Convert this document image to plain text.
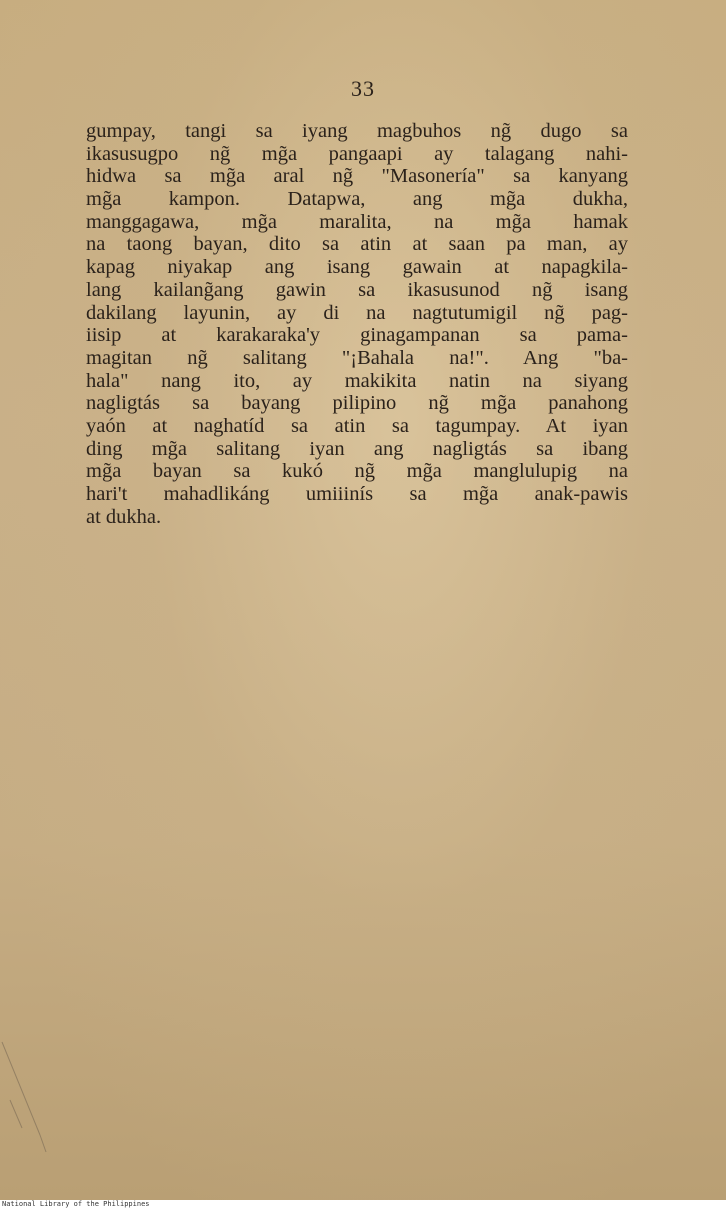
33
gumpay, tangi sa iyang magbuhos ng̃ dugo sa
ikasusugpo ng̃ mg̃a pangaapi ay talagang nahi-
hidwa sa mg̃a aral ng̃ "Masonería" sa kanyang
mg̃a kampon. Datapwa, ang mg̃a dukha,
manggagawa, mg̃a maralita, na mg̃a hamak
na taong bayan, dito sa atin at saan pa man, ay
kapag niyakap ang isang gawain at napagkila-
lang kailang̃ang gawin sa ikasusunod ng̃ isang
dakilang layunin, ay di na nagtutumigil ng̃ pag-
iisip at karakaraka'y ginagampanan sa pama-
magitan ng̃ salitang "¡Bahala na!". Ang "ba-
hala" nang ito, ay makikita natin na siyang
nagligtás sa bayang pilipino ng̃ mg̃a panahong
yaón at naghatíd sa atin sa tagumpay. At iyan
ding mg̃a salitang iyan ang nagligtás sa ibang
mg̃a bayan sa kukó ng̃ mg̃a manglulupig na
hari't mahadlikáng umiiinís sa mg̃a anak-pawis
at dukha.
National Library of the Philippines
